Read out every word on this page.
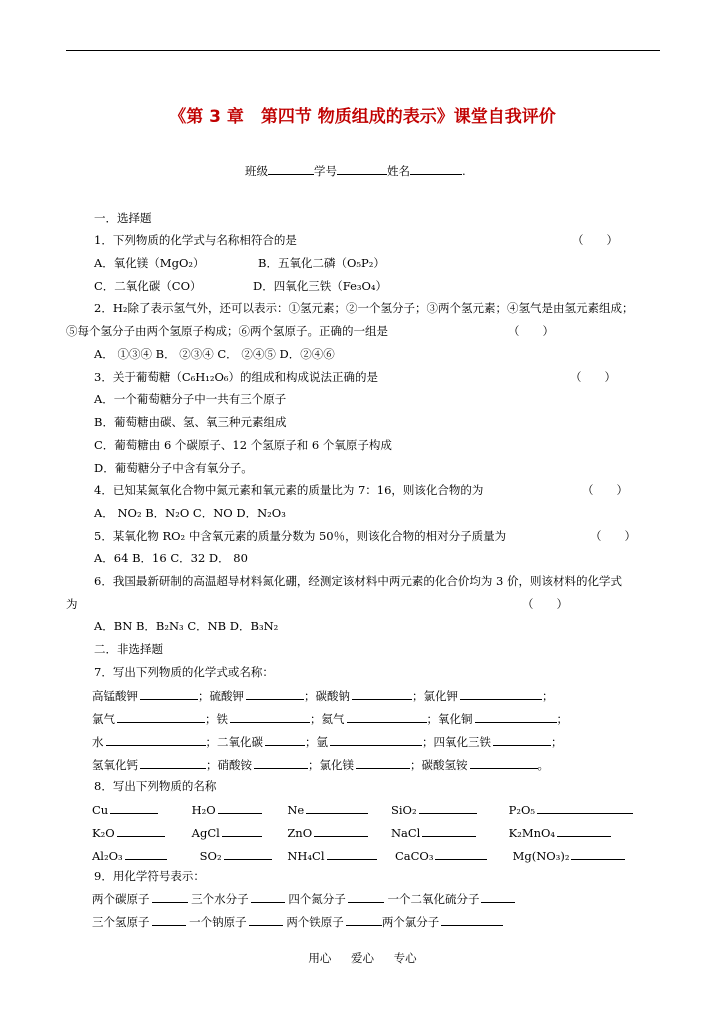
《第 3 章　第四节 物质组成的表示》课堂自我评价
班级	学号	姓名	.
一．选择题
1．下列物质的化学式与名称相符合的是	（　　）
A．氧化镁（MgO₂）	B．五氧化二磷（O₅P₂）
C．二氧化碳（CO）	D．四氧化三铁（Fe₃O₄）
2．H₂除了表示氢气外，还可以表示：①氢元素；②一个氢分子；③两个氢元素；④氢气是由氢元素组成；
⑤每个氢分子由两个氢原子构成；⑥两个氢原子。正确的一组是	（　　）
A． ①③④ B． ②③④ C． ②④⑤ D．②④⑥
3．关于葡萄糖（C₆H₁₂O₆）的组成和构成说法正确的是	（　　）
A．一个葡萄糖分子中一共有三个原子
B．葡萄糖由碳、氢、氧三种元素组成
C．葡萄糖由 6 个碳原子、12 个氢原子和 6 个氧原子构成
D．葡萄糖分子中含有氧分子。
4．已知某氮氧化合物中氮元素和氧元素的质量比为 7：16，则该化合物的为	（　　）
A． NO₂ B．N₂O C．NO D．N₂O₃
5．某氧化物 RO₂ 中含氧元素的质量分数为 50％，则该化合物的相对分子质量为	（　　）
A．64 B．16 C．32 D． 80
6．我国最新研制的高温超导材料氮化硼，经测定该材料中两元素的化合价均为 3 价，则该材料的化学式
为	（　　）
A．BN B．B₂N₃ C．NB D．B₃N₂
二．非选择题
7．写出下列物质的化学式或名称：
高锰酸钾	；硫酸钾	；碳酸钠	；氯化钾	；
氯气	；铁	；氦气	；氧化铜	；
水	；二氧化碳	；氩	；四氧化三铁	；
氢氧化钙	；硝酸铵	；氯化镁	；碳酸氢铵	。
8．写出下列物质的名称
Cu	H₂O	Ne	SiO₂	P₂O₅
K₂O	AgCl	ZnO	NaCl	K₂MnO₄
Al₂O₃	SO₂	NH₄Cl	CaCO₃	Mg(NO₃)₂
9．用化学符号表示：
两个碳原子	三个水分子	四个氮分子	一个二氧化硫分子
三个氢原子	一个钠原子	两个铁原子	两个氯分子
用心 爱心 专心
